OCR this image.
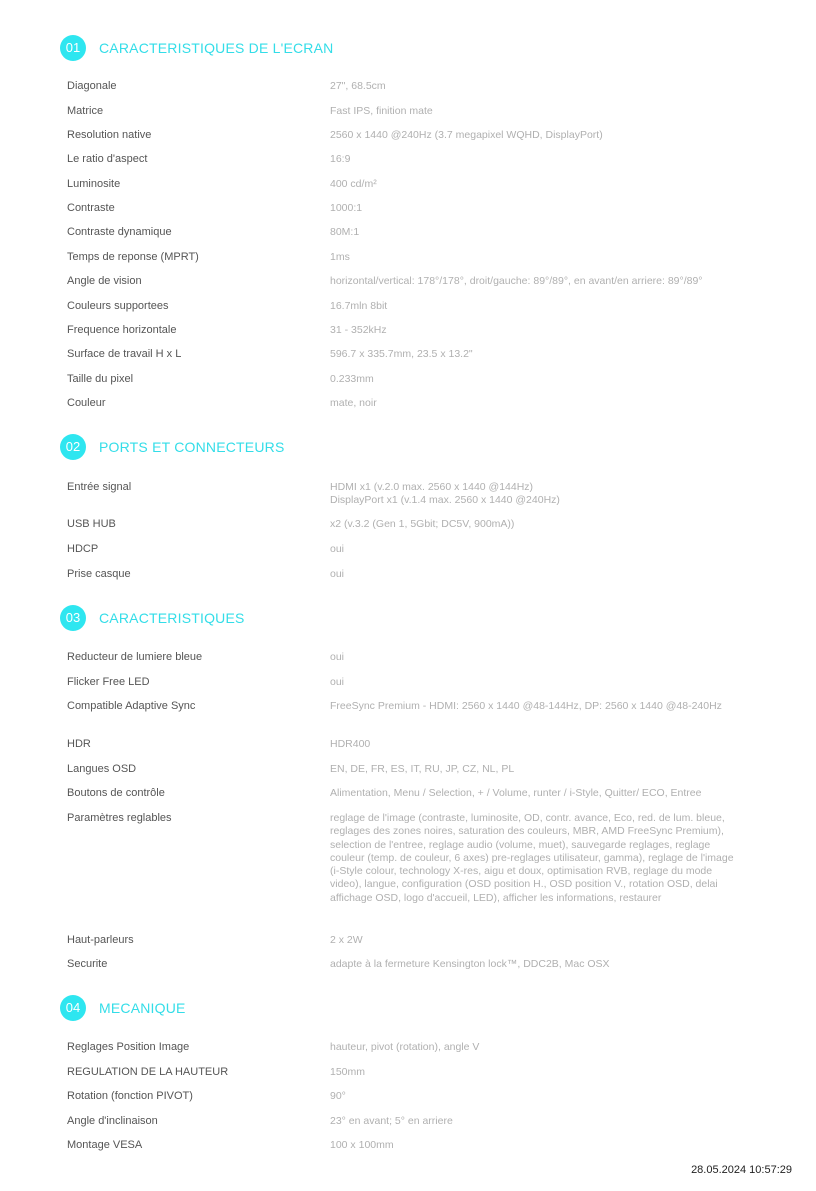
01	CARACTERISTIQUES DE L'ECRAN
Diagonale	27", 68.5cm
Matrice	Fast IPS, finition mate
Resolution native	2560 x 1440 @240Hz (3.7 megapixel WQHD, DisplayPort)
Le ratio d'aspect	16:9
Luminosite	400 cd/m²
Contraste	1000:1
Contraste dynamique	80M:1
Temps de reponse (MPRT)	1ms
Angle de vision	horizontal/vertical: 178°/178°, droit/gauche: 89°/89°, en avant/en arriere: 89°/89°
Couleurs supportees	16.7mln 8bit
Frequence horizontale	31 - 352kHz
Surface de travail H x L	596.7 x 335.7mm, 23.5 x 13.2"
Taille du pixel	0.233mm
Couleur	mate, noir
02	PORTS ET CONNECTEURS
Entrée signal	HDMI x1 (v.2.0 max. 2560 x 1440 @144Hz)
DisplayPort x1 (v.1.4 max. 2560 x 1440 @240Hz)
USB HUB	x2 (v.3.2 (Gen 1, 5Gbit; DC5V, 900mA))
HDCP	oui
Prise casque	oui
03	CARACTERISTIQUES
Reducteur de lumiere bleue	oui
Flicker Free LED	oui
Compatible Adaptive Sync	FreeSync Premium - HDMI: 2560 x 1440 @48-144Hz, DP: 2560 x 1440 @48-240Hz
HDR	HDR400
Langues OSD	EN, DE, FR, ES, IT, RU, JP, CZ, NL, PL
Boutons de contrôle	Alimentation, Menu / Selection, + / Volume, runter / i-Style, Quitter/ ECO, Entree
Paramètres reglables	reglage de l'image (contraste, luminosite, OD, contr. avance, Eco, red. de lum. bleue, reglages des zones noires, saturation des couleurs, MBR, AMD FreeSync Premium), selection de l'entree, reglage audio (volume, muet), sauvegarde reglages, reglage couleur (temp. de couleur, 6 axes) pre-reglages utilisateur, gamma), reglage de l'image (i-Style colour, technology X-res, aigu et doux, optimisation RVB, reglage du mode video), langue, configuration (OSD position H., OSD position V., rotation OSD, delai affichage OSD, logo d'accueil, LED), afficher les informations, restaurer
Haut-parleurs	2 x 2W
Securite	adapte à la fermeture Kensington lock™, DDC2B, Mac OSX
04	MECANIQUE
Reglages Position Image	hauteur, pivot (rotation), angle V
REGULATION DE LA HAUTEUR	150mm
Rotation (fonction PIVOT)	90°
Angle d'inclinaison	23° en avant; 5° en arriere
Montage VESA	100 x 100mm
28.05.2024 10:57:29
